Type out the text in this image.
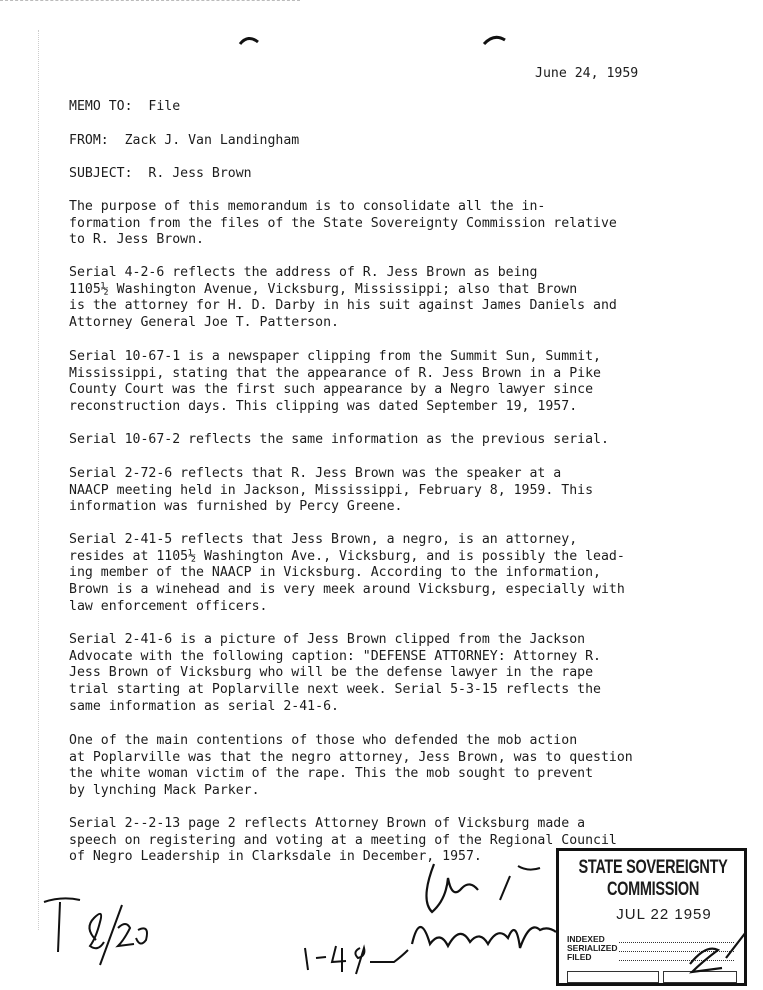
June 24, 1959
MEMO TO:  File
FROM:  Zack J. Van Landingham
SUBJECT:  R. Jess Brown
The purpose of this memorandum is to consolidate all the in-
formation from the files of the State Sovereignty Commission relative
to R. Jess Brown.
Serial 4-2-6 reflects the address of R. Jess Brown as being
1105½ Washington Avenue, Vicksburg, Mississippi; also that Brown
is the attorney for H. D. Darby in his suit against James Daniels and
Attorney General Joe T. Patterson.
Serial 10-67-1 is a newspaper clipping from the Summit Sun, Summit,
Mississippi, stating that the appearance of R. Jess Brown in a Pike
County Court was the first such appearance by a Negro lawyer since
reconstruction days. This clipping was dated September 19, 1957.
Serial 10-67-2 reflects the same information as the previous serial.
Serial 2-72-6 reflects that R. Jess Brown was the speaker at a
NAACP meeting held in Jackson, Mississippi, February 8, 1959. This
information was furnished by Percy Greene.
Serial 2-41-5 reflects that Jess Brown, a negro, is an attorney,
resides at 1105½ Washington Ave., Vicksburg, and is possibly the lead-
ing member of the NAACP in Vicksburg. According to the information,
Brown is a winehead and is very meek around Vicksburg, especially with
law enforcement officers.
Serial 2-41-6 is a picture of Jess Brown clipped from the Jackson
Advocate with the following caption: "DEFENSE ATTORNEY: Attorney R.
Jess Brown of Vicksburg who will be the defense lawyer in the rape
trial starting at Poplarville next week. Serial 5-3-15 reflects the
same information as serial 2-41-6.
One of the main contentions of those who defended the mob action
at Poplarville was that the negro attorney, Jess Brown, was to question
the white woman victim of the rape. This the mob sought to prevent
by lynching Mack Parker.
Serial 2--2-13 page 2 reflects Attorney Brown of Vicksburg made a
speech on registering and voting at a meeting of the Regional Council
of Negro Leadership in Clarksdale in December, 1957.
STATE SOVEREIGNTY COMMISSION
JUL 22 1959
INDEXED
SERIALIZED
FILED
